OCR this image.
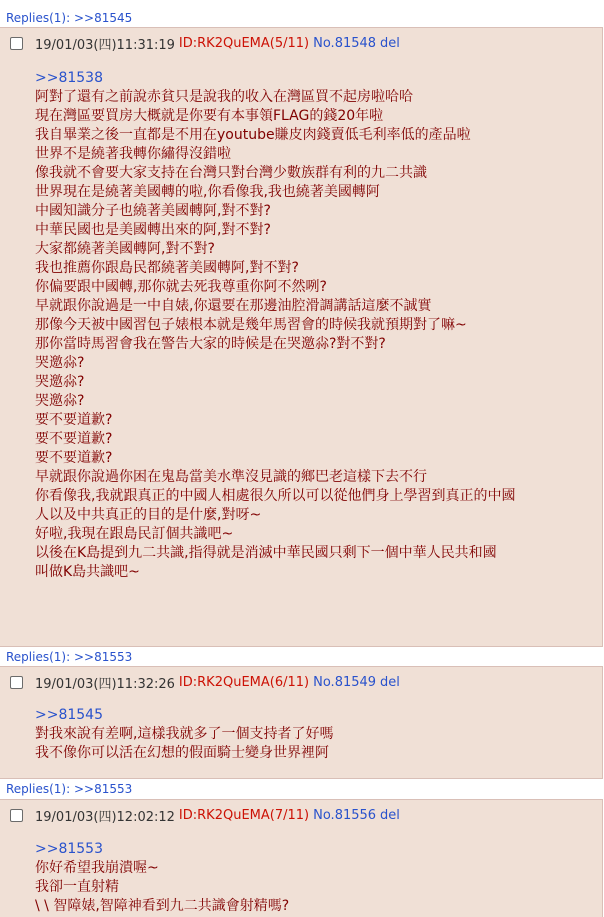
Replies(1): >>81545
19/01/03(四)11:31:19 ID:RK2QuEMA(5/11) No.81548 del
>>81538
阿對了還有之前說赤貧只是說我的收入在灣區買不起房啦哈哈
現在灣區要買房大概就是你要有本事領FLAG的錢20年啦
我自畢業之後一直都是不用在youtube賺皮肉錢賣低毛利率低的產品啦
世界不是繞著我轉你繡得沒錯啦
像我就不會要大家支持在台灣只對台灣少數族群有利的九二共識
世界現在是繞著美國轉的啦,你看像我,我也繞著美國轉阿
中國知識分子也繞著美國轉阿,對不對?
中華民國也是美國轉出來的阿,對不對?
大家都繞著美國轉阿,對不對?
我也推薦你跟島民都繞著美國轉阿,對不對?
你偏要跟中國轉,那你就去死我尊重你阿不然咧?
早就跟你說過是一中自婊,你還要在那邊油腔滑調講話這麼不誠實
那像今天被中國習包子婊根本就是幾年馬習會的時候我就預期對了嘛~
那你當時馬習會我在警告大家的時候是在哭邀尛?對不對?
哭邀尛?
哭邀尛?
哭邀尛?
要不要道歉?
要不要道歉?
要不要道歉?
早就跟你說過你困在鬼島當美水準沒見識的鄉巴老這樣下去不行
你看像我,我就跟真正的中國人相處很久所以可以從他們身上學習到真正的中國
人以及中共真正的目的是什麼,對呀~
好啦,我現在跟島民訂個共識吧~
以後在K島提到九二共識,指得就是消滅中華民國只剩下一個中華人民共和國
叫做K島共識吧~
Replies(1): >>81553
19/01/03(四)11:32:26 ID:RK2QuEMA(6/11) No.81549 del
>>81545
對我來說有差啊,這樣我就多了一個支持者了好嗎
我不像你可以活在幻想的假面騎士變身世界裡阿
Replies(1): >>81553
19/01/03(四)12:02:12 ID:RK2QuEMA(7/11) No.81556 del
>>81553
你好希望我崩潰喔~
我卻一直射精
\ \ 智障婊,智障神看到九二共識會射精嗎?
